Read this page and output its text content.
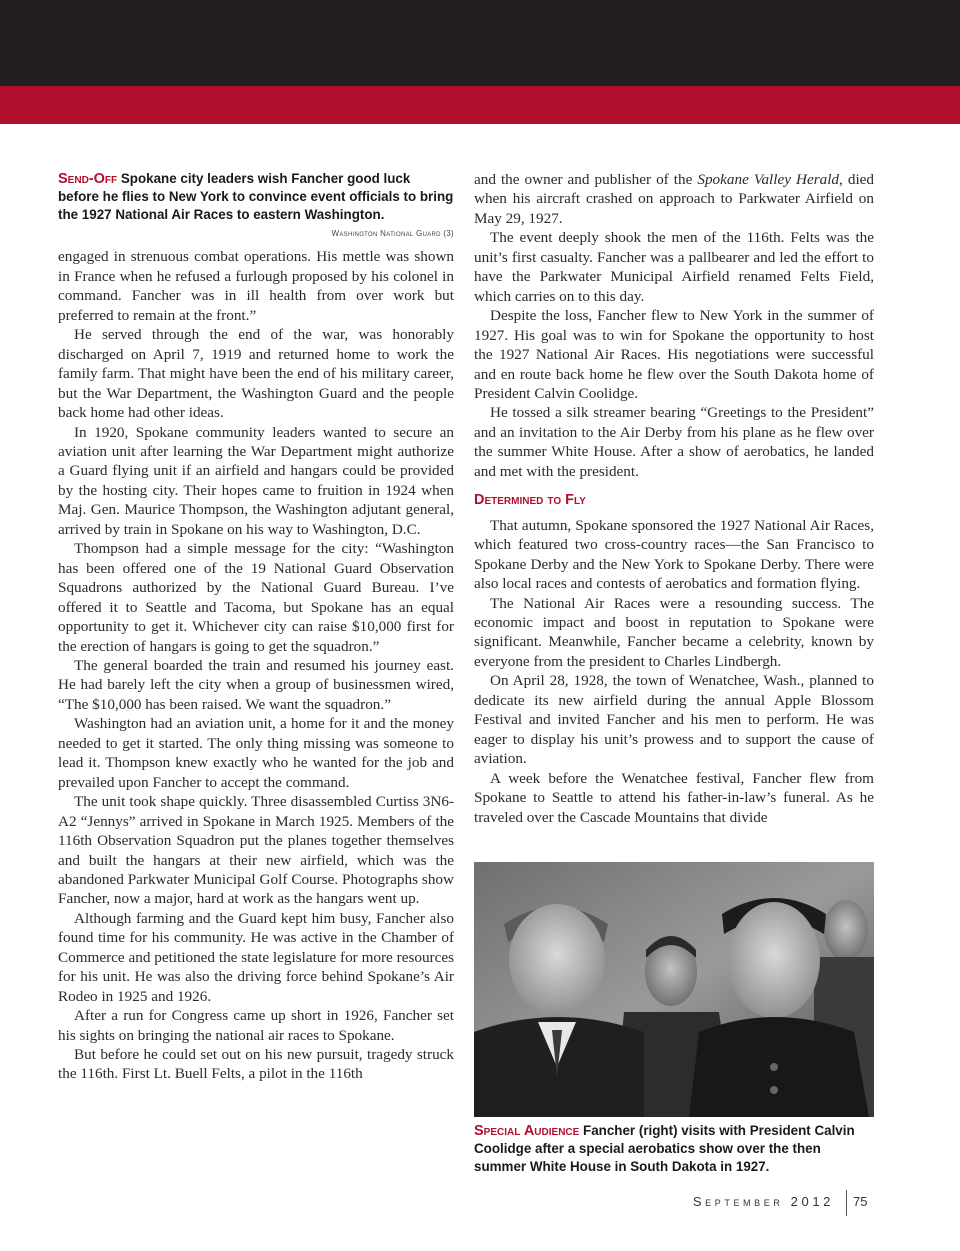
Send-Off Spokane city leaders wish Fancher good luck before he flies to New York to convince event officials to bring the 1927 National Air Races to eastern Washington.
Washington National Guard (3)

engaged in strenuous combat operations. His mettle was shown in France when he refused a furlough proposed by his colonel in command. Fancher was in ill health from over work but preferred to remain at the front.”

He served through the end of the war, was honorably discharged on April 7, 1919 and returned home to work the family farm. That might have been the end of his military career, but the War Department, the Washington Guard and the people back home had other ideas.

In 1920, Spokane community leaders wanted to secure an aviation unit after learning the War Department might authorize a Guard flying unit if an airfield and hangars could be provided by the hosting city. Their hopes came to fruition in 1924 when Maj. Gen. Maurice Thompson, the Washington adjutant general, arrived by train in Spokane on his way to Washington, D.C.

Thompson had a simple message for the city: “Washington has been offered one of the 19 National Guard Observation Squadrons authorized by the National Guard Bureau. I’ve offered it to Seattle and Tacoma, but Spokane has an equal opportunity to get it. Whichever city can raise $10,000 first for the erection of hangars is going to get the squadron.”

The general boarded the train and resumed his journey east. He had barely left the city when a group of businessmen wired, “The $10,000 has been raised. We want the squadron.”

Washington had an aviation unit, a home for it and the money needed to get it started. The only thing missing was someone to lead it. Thompson knew exactly who he wanted for the job and prevailed upon Fancher to accept the command.

The unit took shape quickly. Three disassembled Curtiss 3N6-A2 “Jennys” arrived in Spokane in March 1925. Members of the 116th Observation Squadron put the planes together themselves and built the hangars at their new airfield, which was the abandoned Parkwater Municipal Golf Course. Photographs show Fancher, now a major, hard at work as the hangars went up.

Although farming and the Guard kept him busy, Fancher also found time for his community. He was active in the Chamber of Commerce and petitioned the state legislature for more resources for his unit. He was also the driving force behind Spokane’s Air Rodeo in 1925 and 1926.

After a run for Congress came up short in 1926, Fancher set his sights on bringing the national air races to Spokane.

But before he could set out on his new pursuit, tragedy struck the 116th. First Lt. Buell Felts, a pilot in the 116th

and the owner and publisher of the Spokane Valley Herald, died when his aircraft crashed on approach to Parkwater Airfield on May 29, 1927.

The event deeply shook the men of the 116th. Felts was the unit’s first casualty. Fancher was a pallbearer and led the effort to have the Parkwater Municipal Airfield renamed Felts Field, which carries on to this day.

Despite the loss, Fancher flew to New York in the summer of 1927. His goal was to win for Spokane the opportunity to host the 1927 National Air Races. His negotiations were successful and en route back home he flew over the South Dakota home of President Calvin Coolidge.

He tossed a silk streamer bearing “Greetings to the President” and an invitation to the Air Derby from his plane as he flew over the summer White House. After a show of aerobatics, he landed and met with the president.

Determined to Fly

That autumn, Spokane sponsored the 1927 National Air Races, which featured two cross-country races—the San Francisco to Spokane Derby and the New York to Spokane Derby. There were also local races and contests of aerobatics and formation flying.

The National Air Races were a resounding success. The economic impact and boost in reputation to Spokane were significant. Meanwhile, Fancher became a celebrity, known by everyone from the president to Charles Lindbergh.

On April 28, 1928, the town of Wenatchee, Wash., planned to dedicate its new airfield during the annual Apple Blossom Festival and invited Fancher and his men to perform. He was eager to display his unit’s prowess and to support the cause of aviation.

A week before the Wenatchee festival, Fancher flew from Spokane to Seattle to attend his father-in-law’s funeral. As he traveled over the Cascade Mountains that divide

Special Audience Fancher (right) visits with President Calvin Coolidge after a special aerobatics show over the then summer White House in South Dakota in 1927.
September 2012 75
